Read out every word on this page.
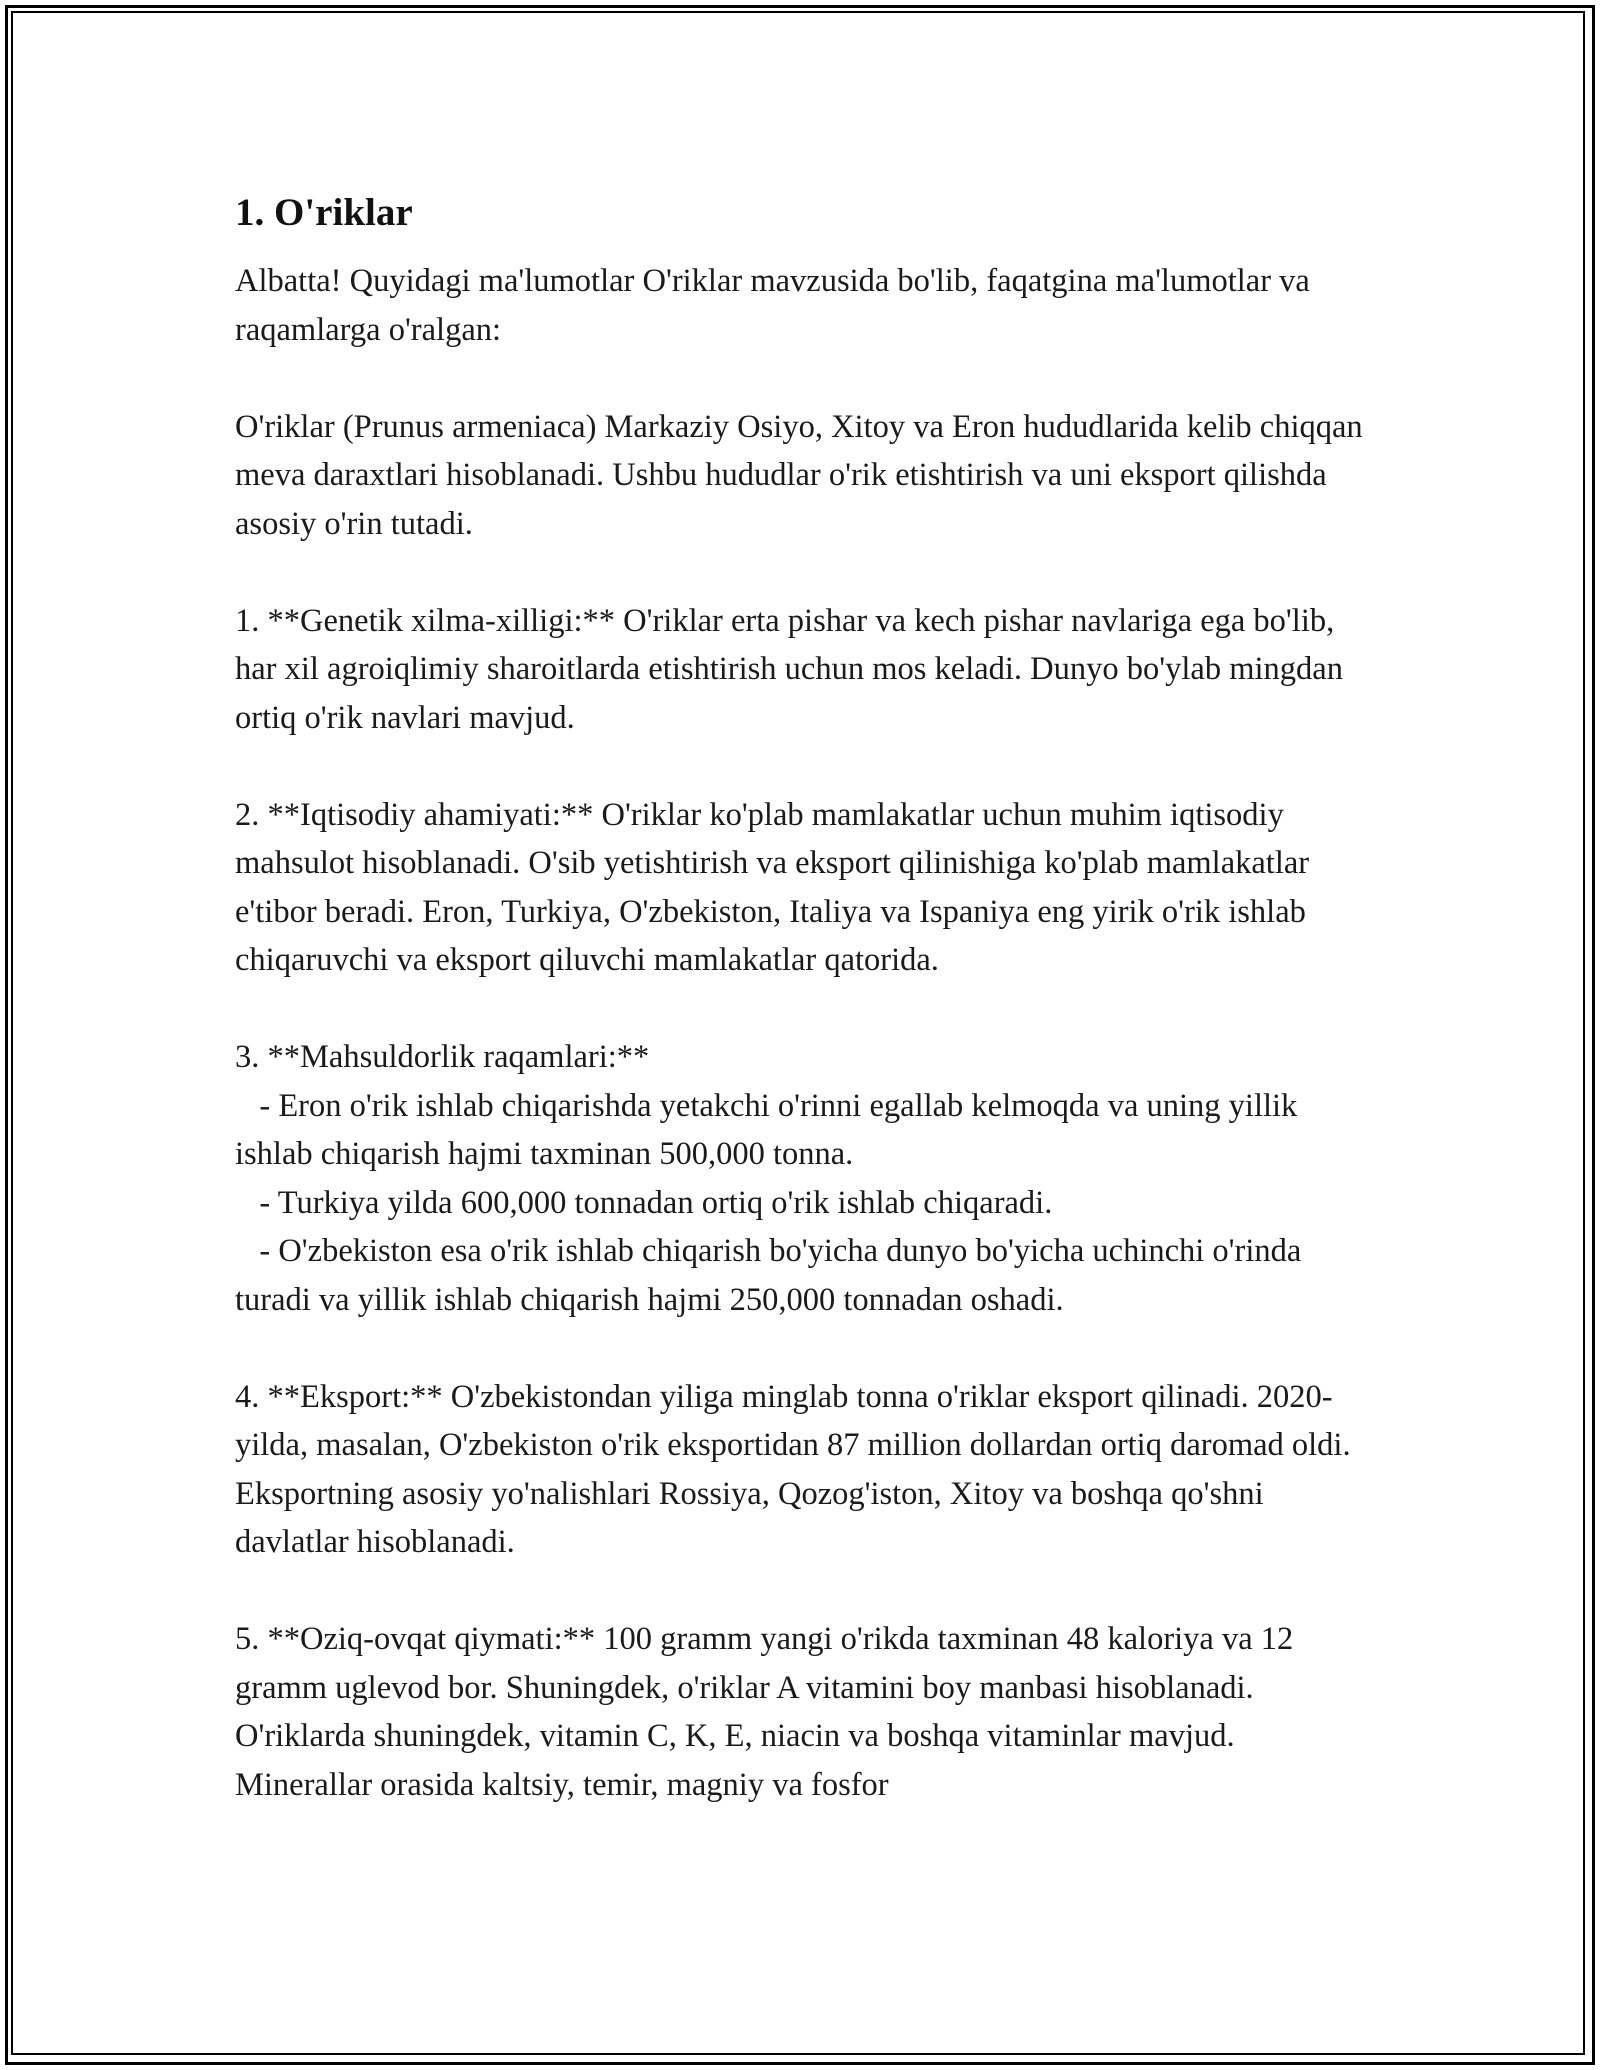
1. O'riklar

Albatta! Quyidagi ma'lumotlar O'riklar mavzusida bo'lib, faqatgina ma'lumotlar va raqamlarga o'ralgan:

O'riklar (Prunus armeniaca) Markaziy Osiyo, Xitoy va Eron hududlarida kelib chiqqan meva daraxtlari hisoblanadi. Ushbu hududlar o'rik etishtirish va uni eksport qilishda asosiy o'rin tutadi.

1. **Genetik xilma-xilligi:** O'riklar erta pishar va kech pishar navlariga ega bo'lib, har xil agroiqlimiy sharoitlarda etishtirish uchun mos keladi. Dunyo bo'ylab mingdan ortiq o'rik navlari mavjud.

2. **Iqtisodiy ahamiyati:** O'riklar ko'plab mamlakatlar uchun muhim iqtisodiy mahsulot hisoblanadi. O'sib yetishtirish va eksport qilinishiga ko'plab mamlakatlar e'tibor beradi. Eron, Turkiya, O'zbekiston, Italiya va Ispaniya eng yirik o'rik ishlab chiqaruvchi va eksport qiluvchi mamlakatlar qatorida.

3. **Mahsuldorlik raqamlari:**
- Eron o'rik ishlab chiqarishda yetakchi o'rinni egallab kelmoqda va uning yillik ishlab chiqarish hajmi taxminan 500,000 tonna.
- Turkiya yilda 600,000 tonnadan ortiq o'rik ishlab chiqaradi.
- O'zbekiston esa o'rik ishlab chiqarish bo'yicha dunyo bo'yicha uchinchi o'rinda turadi va yillik ishlab chiqarish hajmi 250,000 tonnadan oshadi.

4. **Eksport:** O'zbekistondan yiliga minglab tonna o'riklar eksport qilinadi. 2020-yilda, masalan, O'zbekiston o'rik eksportidan 87 million dollardan ortiq daromad oldi. Eksportning asosiy yo'nalishlari Rossiya, Qozog'iston, Xitoy va boshqa qo'shni davlatlar hisoblanadi.

5. **Oziq-ovqat qiymati:** 100 gramm yangi o'rikda taxminan 48 kaloriya va 12 gramm uglevod bor. Shuningdek, o'riklar A vitamini boy manbasi hisoblanadi. O'riklarda shuningdek, vitamin C, K, E, niacin va boshqa vitaminlar mavjud. Minerallar orasida kaltsiy, temir, magniy va fosfor
